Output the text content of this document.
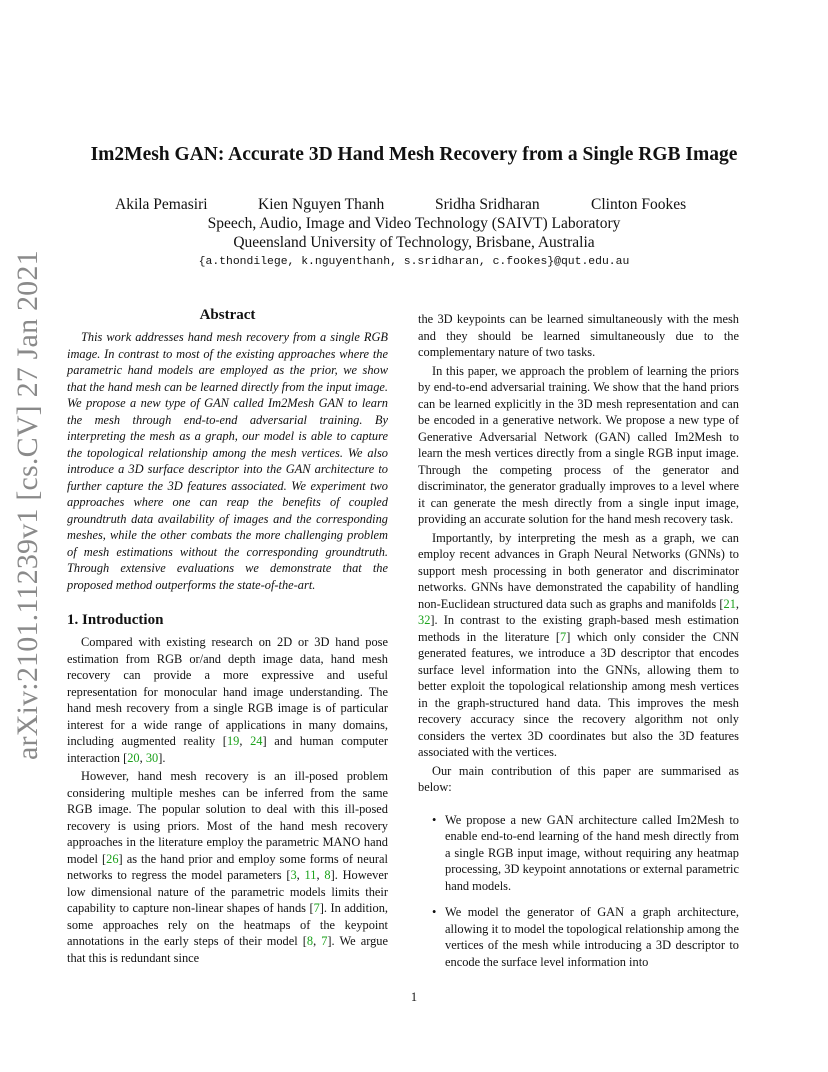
arXiv:2101.11239v1 [cs.CV] 27 Jan 2021
Im2Mesh GAN: Accurate 3D Hand Mesh Recovery from a Single RGB Image
Akila Pemasiri	Kien Nguyen Thanh	Sridha Sridharan	Clinton Fookes
Speech, Audio, Image and Video Technology (SAIVT) Laboratory
Queensland University of Technology, Brisbane, Australia
{a.thondilege, k.nguyenthanh, s.sridharan, c.fookes}@qut.edu.au
Abstract

This work addresses hand mesh recovery from a single RGB image. In contrast to most of the existing approaches where the parametric hand models are employed as the prior, we show that the hand mesh can be learned directly from the input image. We propose a new type of GAN called Im2Mesh GAN to learn the mesh through end-to-end adversarial training. By interpreting the mesh as a graph, our model is able to capture the topological relationship among the mesh vertices. We also introduce a 3D surface descriptor into the GAN architecture to further capture the 3D features associated. We experiment two approaches where one can reap the benefits of coupled groundtruth data availability of images and the corresponding meshes, while the other combats the more challenging problem of mesh estimations without the corresponding groundtruth. Through extensive evaluations we demonstrate that the proposed method outperforms the state-of-the-art.

1. Introduction

Compared with existing research on 2D or 3D hand pose estimation from RGB or/and depth image data, hand mesh recovery can provide a more expressive and useful representation for monocular hand image understanding. The hand mesh recovery from a single RGB image is of particular interest for a wide range of applications in many domains, including augmented reality [19, 24] and human computer interaction [20, 30].

However, hand mesh recovery is an ill-posed problem considering multiple meshes can be inferred from the same RGB image. The popular solution to deal with this ill-posed recovery is using priors. Most of the hand mesh recovery approaches in the literature employ the parametric MANO hand model [26] as the hand prior and employ some forms of neural networks to regress the model parameters [3, 11, 8]. However low dimensional nature of the parametric models limits their capability to capture non-linear shapes of hands [7]. In addition, some approaches rely on the heatmaps of the keypoint annotations in the early steps of their model [8, 7]. We argue that this is redundant since

the 3D keypoints can be learned simultaneously with the mesh and they should be learned simultaneously due to the complementary nature of two tasks.

In this paper, we approach the problem of learning the priors by end-to-end adversarial training. We show that the hand priors can be learned explicitly in the 3D mesh representation and can be encoded in a generative network. We propose a new type of Generative Adversarial Network (GAN) called Im2Mesh to learn the mesh vertices directly from a single RGB input image. Through the competing process of the generator and discriminator, the generator gradually improves to a level where it can generate the mesh directly from a single input image, providing an accurate solution for the hand mesh recovery task.

Importantly, by interpreting the mesh as a graph, we can employ recent advances in Graph Neural Networks (GNNs) to support mesh processing in both generator and discriminator networks. GNNs have demonstrated the capability of handling non-Euclidean structured data such as graphs and manifolds [21, 32]. In contrast to the existing graph-based mesh estimation methods in the literature [7] which only consider the CNN generated features, we introduce a 3D descriptor that encodes surface level information into the GNNs, allowing them to better exploit the topological relationship among mesh vertices in the graph-structured hand data. This improves the mesh recovery accuracy since the recovery algorithm not only considers the vertex 3D coordinates but also the 3D features associated with the vertices.

Our main contribution of this paper are summarised as below:

• We propose a new GAN architecture called Im2Mesh to enable end-to-end learning of the hand mesh directly from a single RGB input image, without requiring any heatmap processing, 3D keypoint annotations or external parametric hand models.
• We model the generator of GAN a graph architecture, allowing it to model the topological relationship among the vertices of the mesh while introducing a 3D descriptor to encode the surface level information into
1
